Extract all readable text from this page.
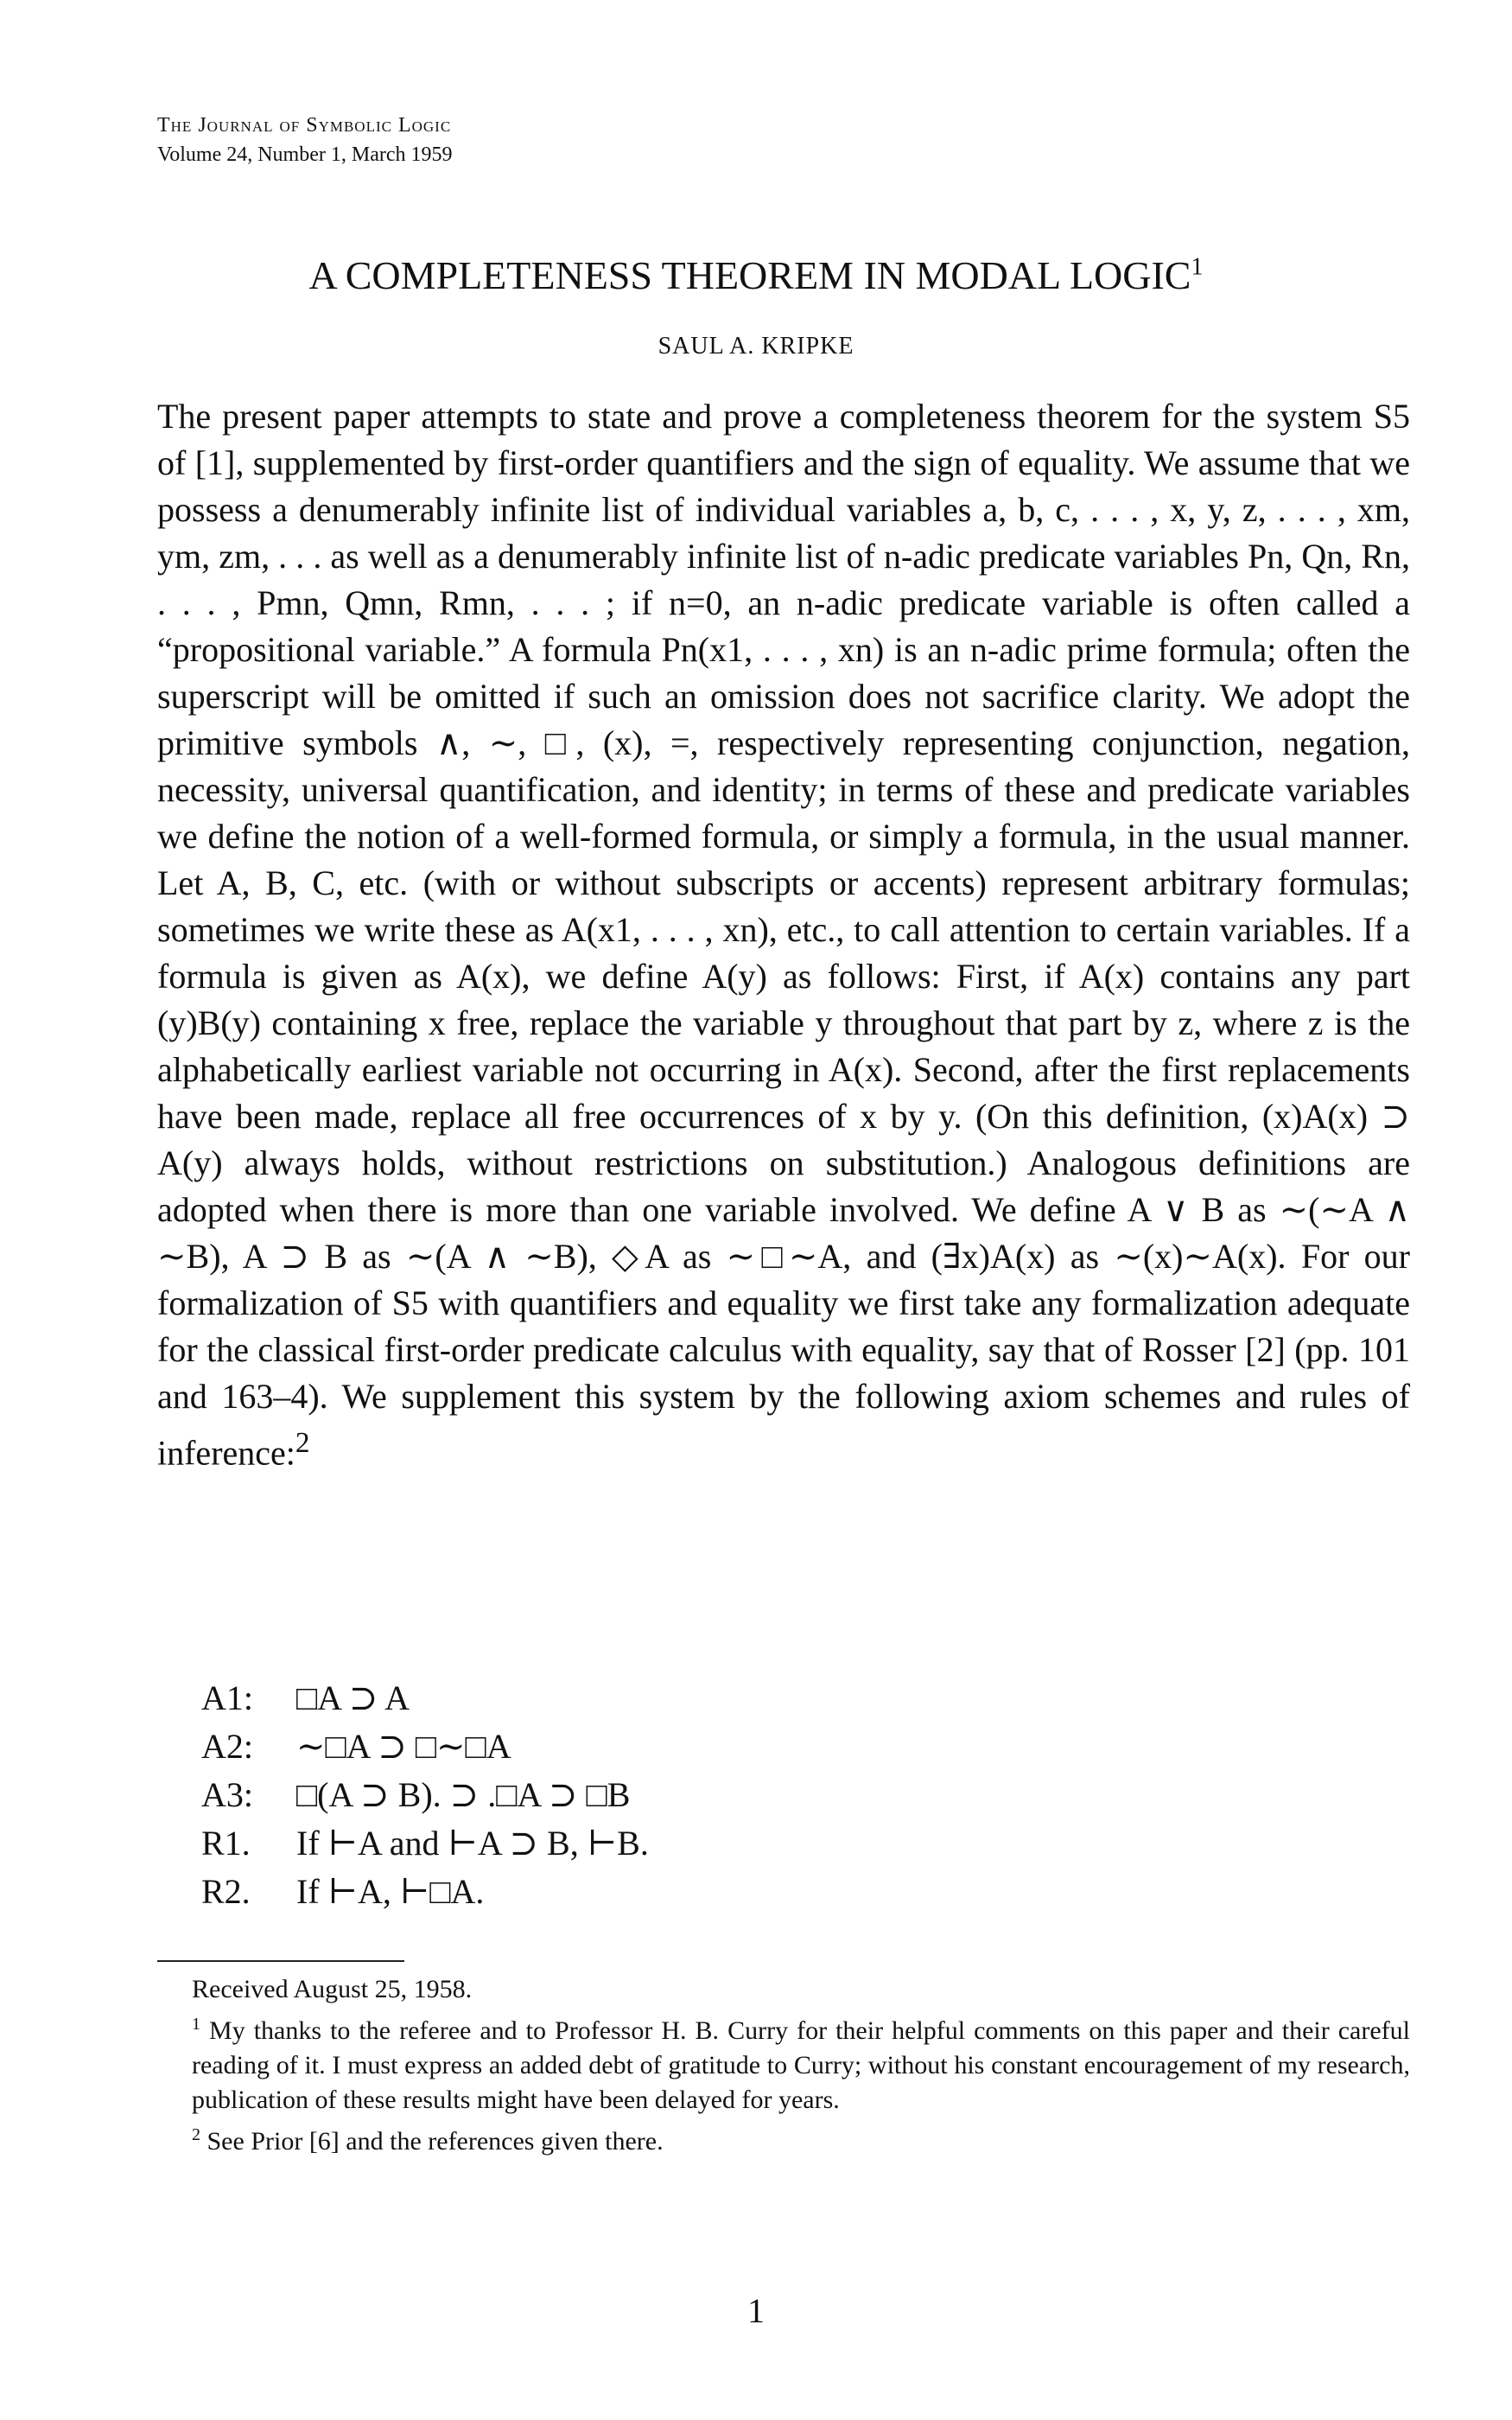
The Journal of Symbolic Logic
Volume 24, Number 1, March 1959
A COMPLETENESS THEOREM IN MODAL LOGIC$^1$
SAUL A. KRIPKE
The present paper attempts to state and prove a completeness theorem for the system S5 of [1], supplemented by first-order quantifiers and the sign of equality. We assume that we possess a denumerably infinite list of individual variables a, b, c, . . . , x, y, z, . . . , xm, ym, zm, . . . as well as a denumerably infinite list of n-adic predicate variables Pn, Qn, Rn, . . . , Pmn, Qmn, Rmn, . . . ; if n=0, an n-adic predicate variable is often called a “propositional variable.” A formula Pn(x1, . . . , xn) is an n-adic prime formula; often the superscript will be omitted if such an omission does not sacrifice clarity. We adopt the primitive symbols ∧, ∼, □, (x), =, respectively representing conjunction, negation, necessity, universal quantification, and identity; in terms of these and predicate variables we define the notion of a well-formed formula, or simply a formula, in the usual manner. Let A, B, C, etc. (with or without subscripts or accents) represent arbitrary formulas; sometimes we write these as A(x1, . . . , xn), etc., to call attention to certain variables. If a formula is given as A(x), we define A(y) as follows: First, if A(x) contains any part (y)B(y) containing x free, replace the variable y throughout that part by z, where z is the alphabetically earliest variable not occurring in A(x). Second, after the first replacements have been made, replace all free occurrences of x by y. (On this definition, (x)A(x) ⊃ A(y) always holds, without restrictions on substitution.) Analogous definitions are adopted when there is more than one variable involved. We define A ∨ B as ∼(∼A ∧ ∼B), A ⊃ B as ∼(A ∧ ∼B), ◇A as ∼□∼A, and (∃x)A(x) as ∼(x)∼A(x). For our formalization of S5 with quantifiers and equality we first take any formalization adequate for the classical first-order predicate calculus with equality, say that of Rosser [2] (pp. 101 and 163–4). We supplement this system by the following axiom schemes and rules of inference:$^2$
A1:	□A ⊃ A
A2:	∼□A ⊃ □∼□A
A3:	□(A ⊃ B). ⊃ .□A ⊃ □B
R1.	If ⊢A and ⊢A ⊃ B, ⊢B.
R2.	If ⊢A, ⊢□A.

Received August 25, 1958.

$^1$ My thanks to the referee and to Professor H. B. Curry for their helpful comments on this paper and their careful reading of it. I must express an added debt of gratitude to Curry; without his constant encouragement of my research, publication of these results might have been delayed for years.

$^2$ See Prior [6] and the references given there.

1
